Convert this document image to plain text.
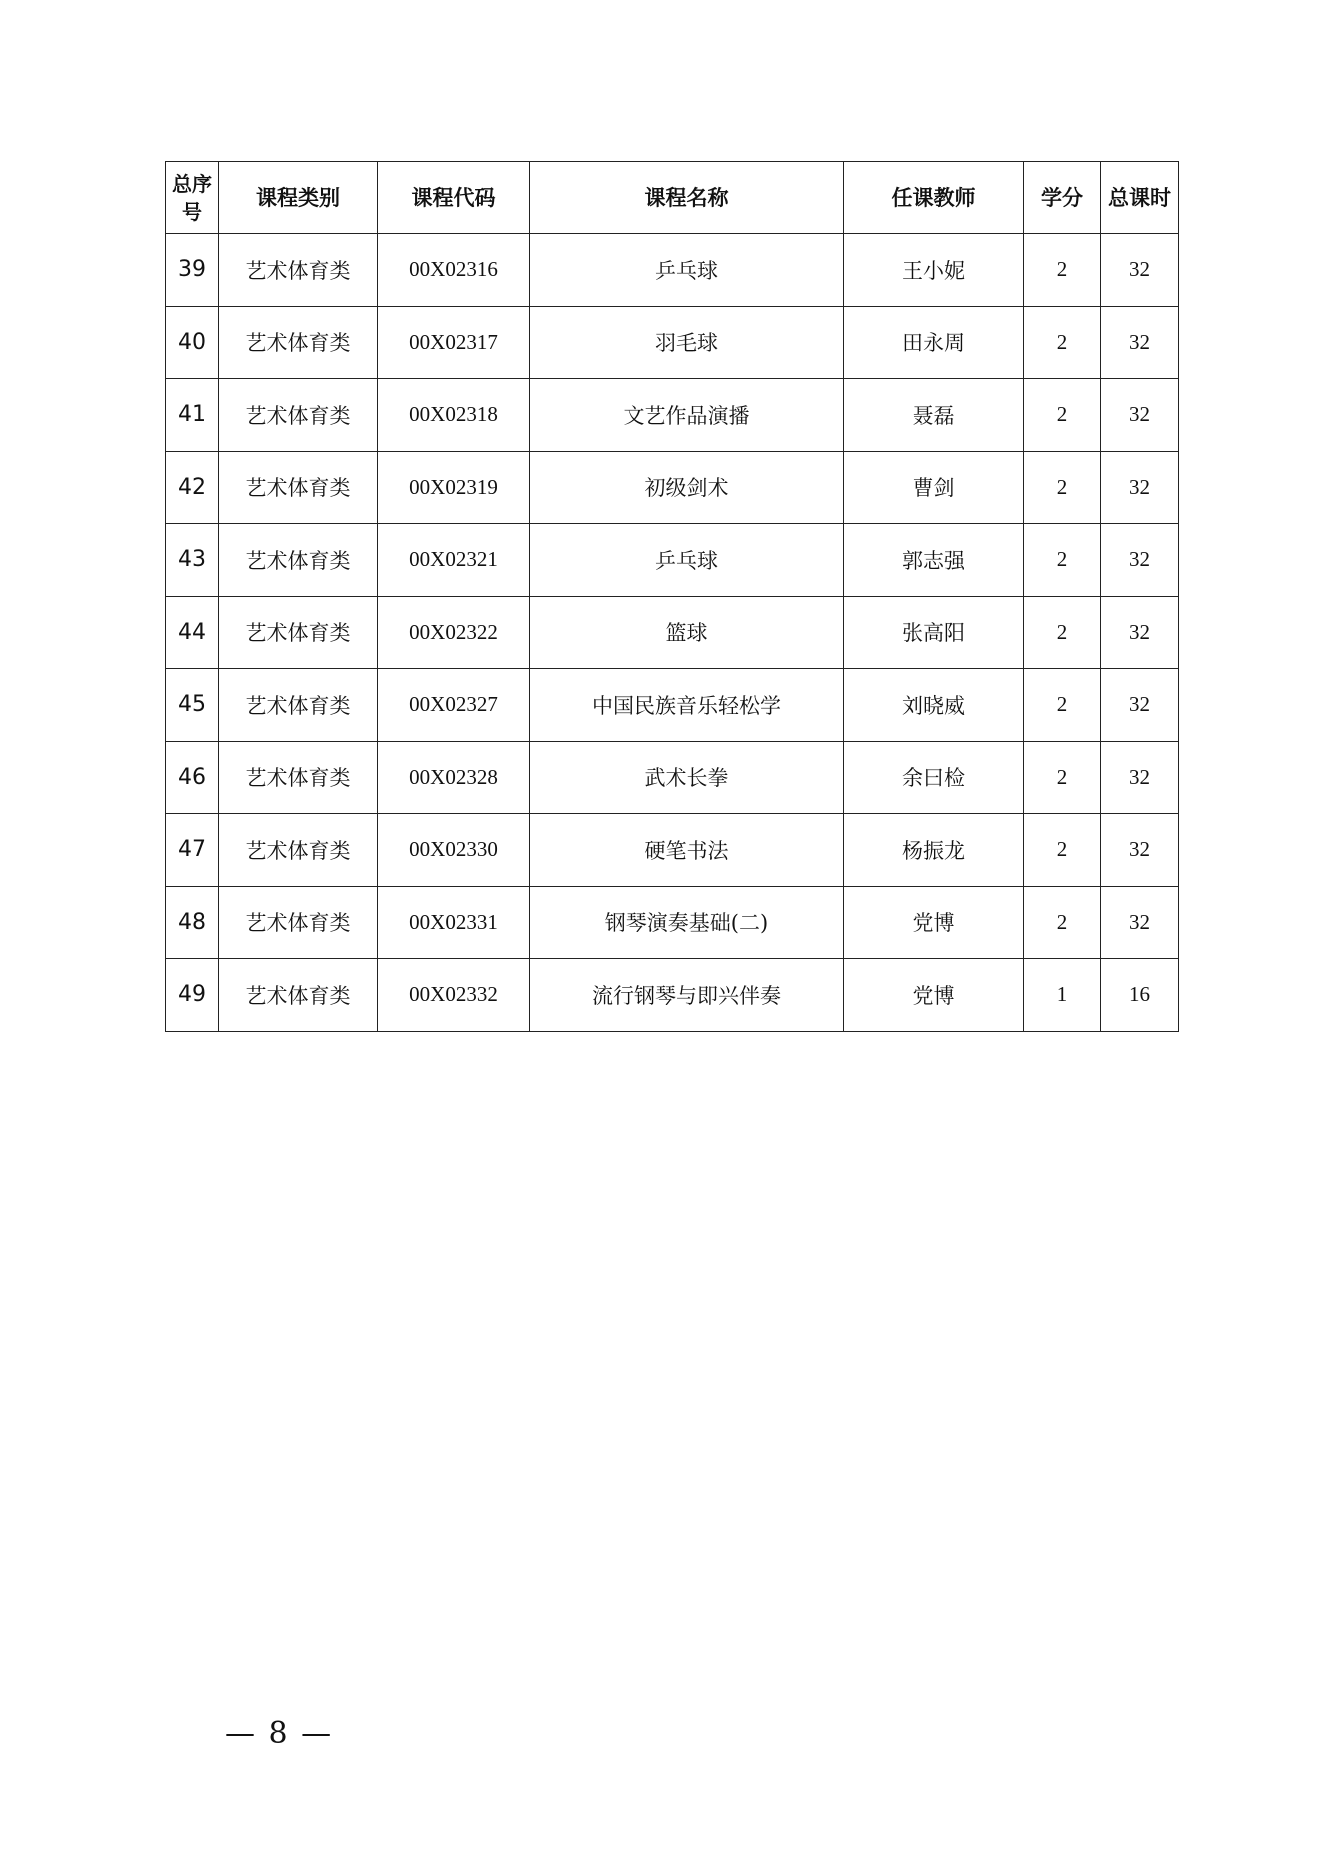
总序号	课程类别	课程代码	课程名称	任课教师	学分	总课时
39	艺术体育类	00X02316	乒乓球	王小妮	2	32
40	艺术体育类	00X02317	羽毛球	田永周	2	32
41	艺术体育类	00X02318	文艺作品演播	聂磊	2	32
42	艺术体育类	00X02319	初级剑术	曹剑	2	32
43	艺术体育类	00X02321	乒乓球	郭志强	2	32
44	艺术体育类	00X02322	篮球	张高阳	2	32
45	艺术体育类	00X02327	中国民族音乐轻松学	刘晓威	2	32
46	艺术体育类	00X02328	武术长拳	余曰检	2	32
47	艺术体育类	00X02330	硬笔书法	杨振龙	2	32
48	艺术体育类	00X02331	钢琴演奏基础(二)	党博	2	32
49	艺术体育类	00X02332	流行钢琴与即兴伴奏	党博	1	16
— 8 —
